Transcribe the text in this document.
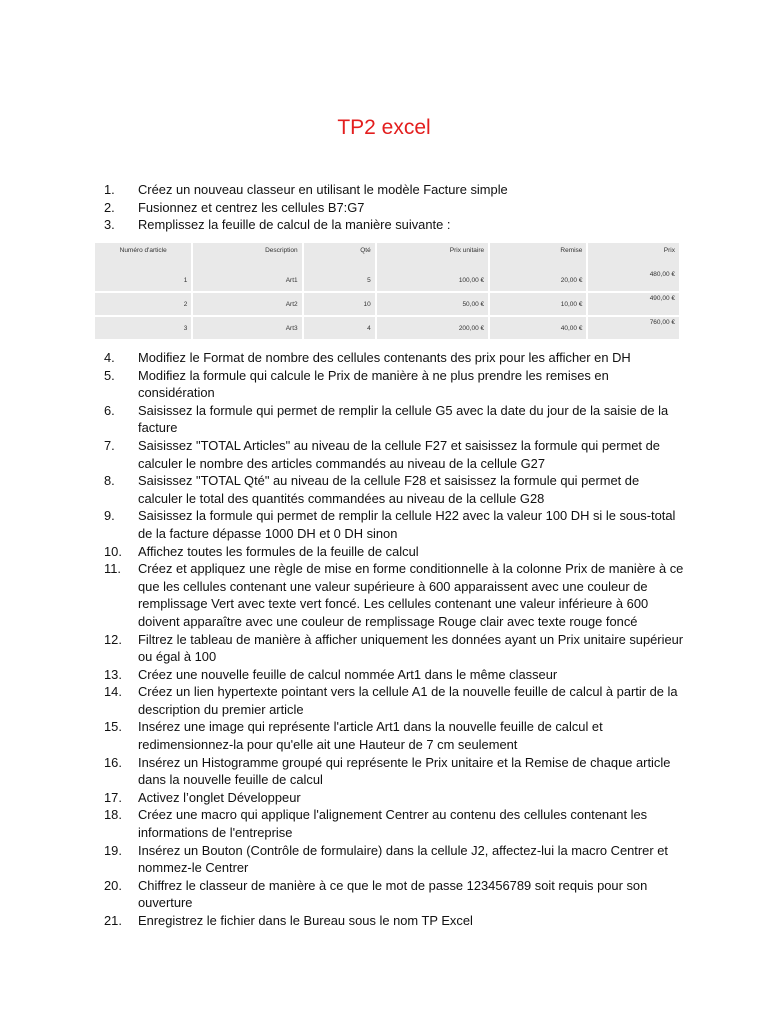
TP2 excel
1.	Créez un nouveau classeur en utilisant le modèle Facture simple
2.	Fusionnez et centrez les cellules B7:G7
3.	Remplissez la feuille de calcul de la manière suivante :
Numéro d'article	Description	Qté	Prix unitaire	Remise	Prix
1	Art1	5	100,00 €	20,00 €	480,00 €

2	Art2	10	50,00 €	10,00 €	490,00 €

3	Art3	4	200,00 €	40,00 €	760,00 €
4.	Modifiez le Format de nombre des cellules contenants des prix pour les afficher en DH
5.	Modifiez la formule qui calcule le Prix de manière à ne plus prendre les remises en considération
6.	Saisissez la formule qui permet de remplir la cellule G5 avec la date du jour de la saisie de la facture
7.	Saisissez "TOTAL Articles" au niveau de la cellule F27 et saisissez la formule qui permet de calculer le nombre des articles commandés au niveau de la cellule G27
8.	Saisissez "TOTAL Qté" au niveau de la cellule F28 et saisissez la formule qui permet de calculer le total des quantités commandées au niveau de la cellule G28
9.	Saisissez la formule qui permet de remplir la cellule H22 avec la valeur 100 DH si le sous-total de la facture dépasse 1000 DH et 0 DH sinon
10.	Affichez toutes les formules de la feuille de calcul
11.	Créez et appliquez une règle de mise en forme conditionnelle à la colonne Prix de manière à ce que les cellules contenant une valeur supérieure à 600 apparaissent avec une couleur de remplissage Vert avec texte vert foncé. Les cellules contenant une valeur inférieure à 600 doivent apparaître avec une couleur de remplissage Rouge clair avec texte rouge foncé
12.	Filtrez le tableau de manière à afficher uniquement les données ayant un Prix unitaire supérieur ou égal à 100
13.	Créez une nouvelle feuille de calcul nommée Art1 dans le même classeur
14.	Créez un lien hypertexte pointant vers la cellule A1 de la nouvelle feuille de calcul à partir de la description du premier article
15.	Insérez une image qui représente l'article Art1 dans la nouvelle feuille de calcul et redimensionnez-la pour qu'elle ait une Hauteur de 7 cm seulement
16.	Insérez un Histogramme groupé qui représente le Prix unitaire et la Remise de chaque article dans la nouvelle feuille de calcul
17.	Activez l’onglet Développeur
18.	Créez une macro qui applique l'alignement Centrer au contenu des cellules contenant les informations de l'entreprise
19.	Insérez un Bouton (Contrôle de formulaire) dans la cellule J2, affectez-lui la macro Centrer et nommez-le Centrer
20.	Chiffrez le classeur de manière à ce que le mot de passe 123456789 soit requis pour son ouverture
21.	Enregistrez le fichier dans le Bureau sous le nom TP Excel
